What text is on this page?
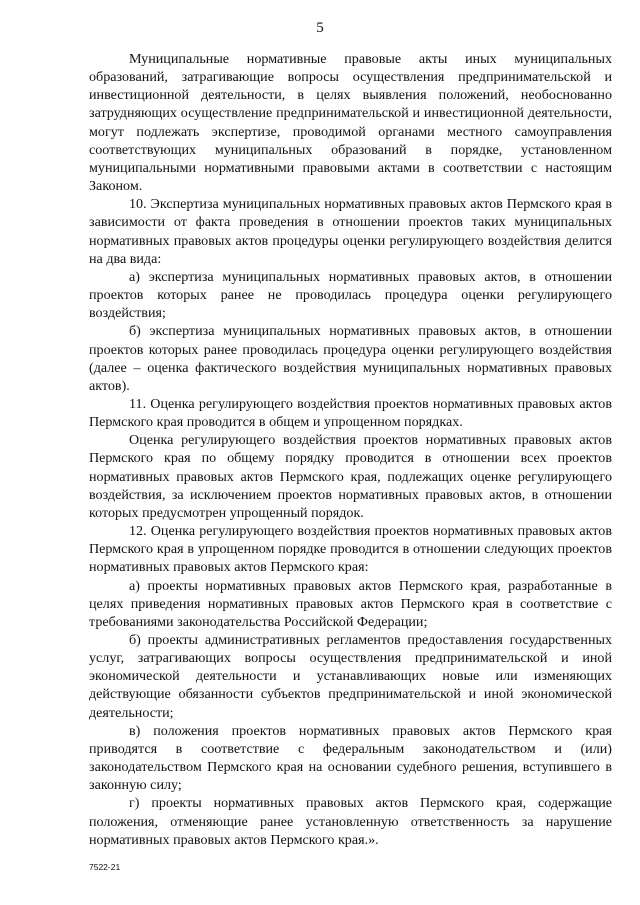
5

Муниципальные нормативные правовые акты иных муниципальных образований, затрагивающие вопросы осуществления предпринимательской и инвестиционной деятельности, в целях выявления положений, необоснованно затрудняющих осуществление предпринимательской и инвестиционной деятельности, могут подлежать экспертизе, проводимой органами местного самоуправления соответствующих муниципальных образований в порядке, установленном муниципальными нормативными правовыми актами в соответствии с настоящим Законом.

10. Экспертиза муниципальных нормативных правовых актов Пермского края в зависимости от факта проведения в отношении проектов таких муниципальных нормативных правовых актов процедуры оценки регулирующего воздействия делится на два вида:

а) экспертиза муниципальных нормативных правовых актов, в отношении проектов которых ранее не проводилась процедура оценки регулирующего воздействия;

б) экспертиза муниципальных нормативных правовых актов, в отношении проектов которых ранее проводилась процедура оценки регулирующего воздействия (далее – оценка фактического воздействия муниципальных нормативных правовых актов).

11. Оценка регулирующего воздействия проектов нормативных правовых актов Пермского края проводится в общем и упрощенном порядках.

Оценка регулирующего воздействия проектов нормативных правовых актов Пермского края по общему порядку проводится в отношении всех проектов нормативных правовых актов Пермского края, подлежащих оценке регулирующего воздействия, за исключением проектов нормативных правовых актов, в отношении которых предусмотрен упрощенный порядок.

12. Оценка регулирующего воздействия проектов нормативных правовых актов Пермского края в упрощенном порядке проводится в отношении следующих проектов нормативных правовых актов Пермского края:

а) проекты нормативных правовых актов Пермского края, разработанные в целях приведения нормативных правовых актов Пермского края в соответствие с требованиями законодательства Российской Федерации;

б) проекты административных регламентов предоставления государственных услуг, затрагивающих вопросы осуществления предпринимательской и иной экономической деятельности и устанавливающих новые или изменяющих действующие обязанности субъектов предпринимательской и иной экономической деятельности;

в) положения проектов нормативных правовых актов Пермского края приводятся в соответствие с федеральным законодательством и (или) законодательством Пермского края на основании судебного решения, вступившего в законную силу;

г) проекты нормативных правовых актов Пермского края, содержащие положения, отменяющие ранее установленную ответственность за нарушение нормативных правовых актов Пермского края.».

7522-21
